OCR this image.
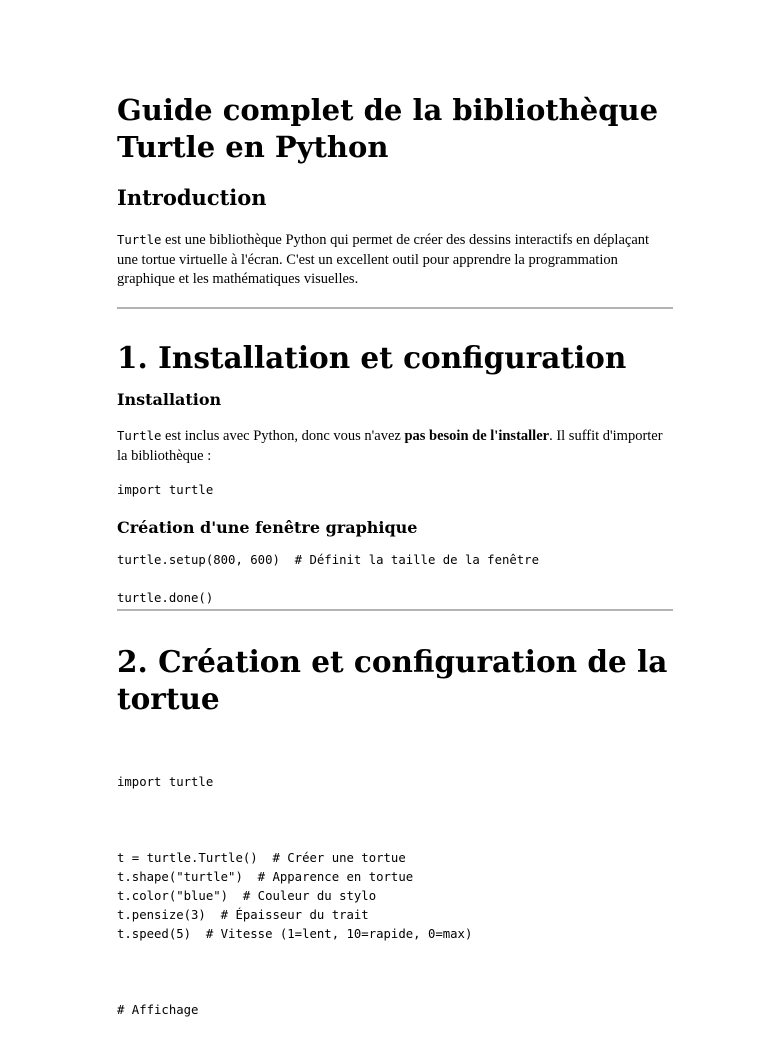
Guide complet de la bibliothèque Turtle en Python
Introduction

Turtle est une bibliothèque Python qui permet de créer des dessins interactifs en déplaçant une tortue virtuelle à l'écran. C'est un excellent outil pour apprendre la programmation graphique et les mathématiques visuelles.

1. Installation et configuration
Installation

Turtle est inclus avec Python, donc vous n'avez pas besoin de l'installer. Il suffit d'importer la bibliothèque :

import turtle
Création d'une fenêtre graphique
turtle.setup(800, 600)  # Définit la taille de la fenêtre
turtle.done()
2. Création et configuration de la tortue

import turtle

t = turtle.Turtle()  # Créer une tortue
t.shape("turtle")  # Apparence en tortue
t.color("blue")  # Couleur du stylo
t.pensize(3)  # Épaisseur du trait
t.speed(5)  # Vitesse (1=lent, 10=rapide, 0=max)

# Affichage
